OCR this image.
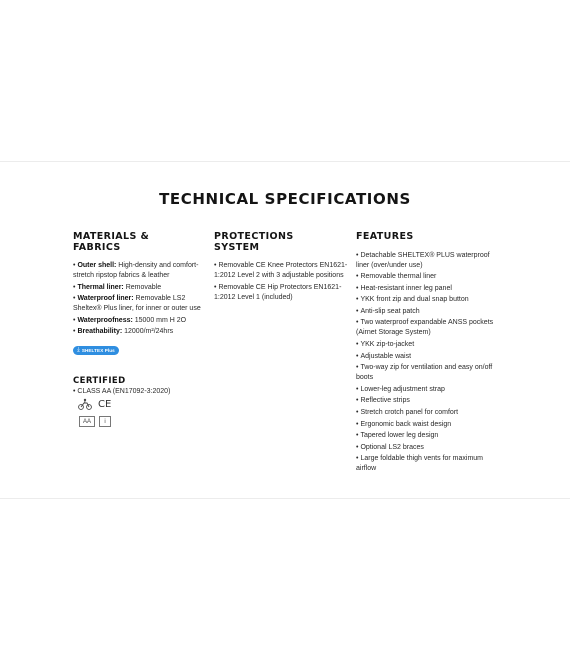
TECHNICAL SPECIFICATIONS
MATERIALS &
FABRICS
• Outer shell: High-density and comfort-stretch ripstop fabrics & leather
• Thermal liner: Removable
• Waterproof liner: Removable LS2 Sheltex® Plus liner, for inner or outer use
• Waterproofness: 15000 mm H 2O
• Breathability: 12000/m²/24hrs
⤓ SHELTEX Plus
CERTIFIED
• CLASS AA (EN17092-3:2020)
CE
AA	i
PROTECTIONS
SYSTEM
• Removable CE Knee Protectors EN1621-1:2012 Level 2 with 3 adjustable positions
• Removable CE Hip Protectors EN1621-1:2012 Level 1 (included)
FEATURES
• Detachable SHELTEX® PLUS waterproof liner (over/under use)
• Removable thermal liner
• Heat-resistant inner leg panel
• YKK front zip and dual snap button
• Anti-slip seat patch
• Two waterproof expandable ANSS pockets (Airnet Storage System)
• YKK zip-to-jacket
• Adjustable waist
• Two-way zip for ventilation and easy on/off boots
• Lower-leg adjustment strap
• Reflective strips
• Stretch crotch panel for comfort
• Ergonomic back waist design
• Tapered lower leg design
• Optional LS2 braces
• Large foldable thigh vents for maximum airflow
